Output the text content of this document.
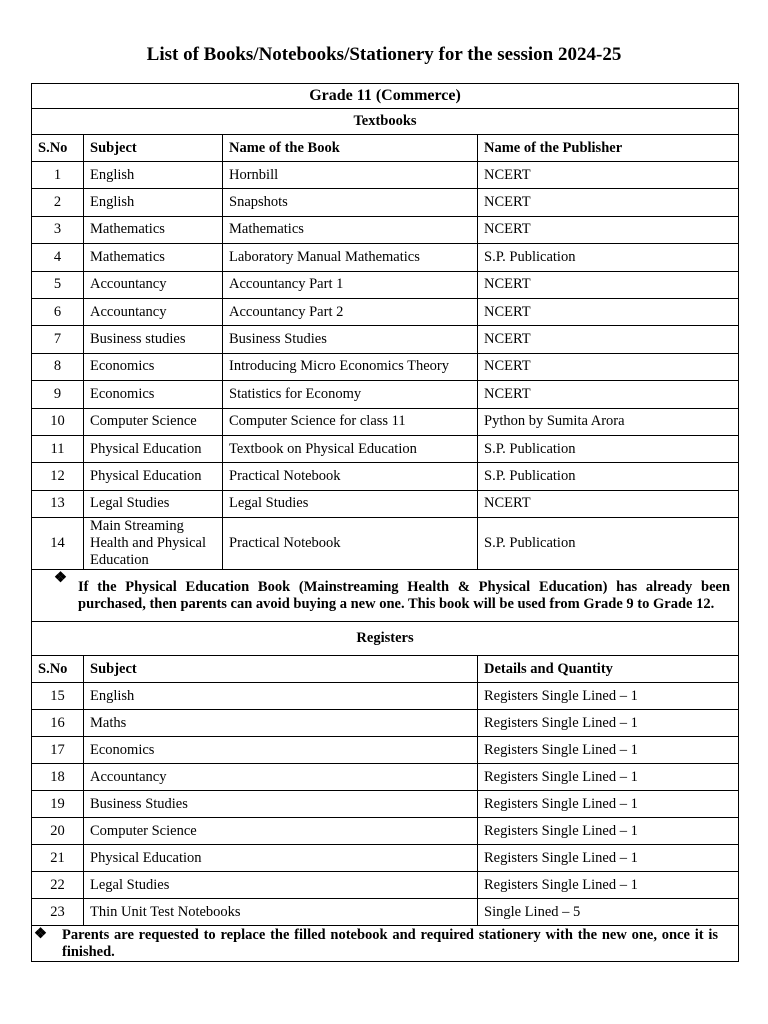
List of Books/Notebooks/Stationery for the session 2024-25
Grade 11 (Commerce)			
Textbooks			
S.No	Subject	Name of the Book	Name of the Publisher
1	English	Hornbill	NCERT
2	English	Snapshots	NCERT
3	Mathematics	Mathematics	NCERT
4	Mathematics	Laboratory Manual Mathematics	S.P. Publication
5	Accountancy	Accountancy Part 1	NCERT
6	Accountancy	Accountancy Part 2	NCERT
7	Business studies	Business Studies	NCERT
8	Economics	Introducing Micro Economics Theory	NCERT
9	Economics	Statistics for Economy	NCERT
10	Computer Science	Computer Science for class 11	Python by Sumita Arora
11	Physical Education	Textbook on Physical Education	S.P. Publication
12	Physical Education	Practical Notebook	S.P. Publication
13	Legal Studies	Legal Studies	NCERT
14	Main Streaming Health and Physical Education	Practical Notebook	S.P. Publication

❖
If the Physical Education Book (Mainstreaming Health & Physical Education) has already been purchased, then parents can avoid buying a new one. This book will be used from Grade 9 to Grade 12.			
Registers			
S.No	Subject		Details and Quantity
15	English		Registers Single Lined – 1
16	Maths		Registers Single Lined – 1
17	Economics		Registers Single Lined – 1
18	Accountancy		Registers Single Lined – 1
19	Business Studies		Registers Single Lined – 1
20	Computer Science		Registers Single Lined – 1
21	Physical Education		Registers Single Lined – 1
22	Legal Studies		Registers Single Lined – 1
23	Thin Unit Test Notebooks		Single Lined – 5

❖ Parents are requested to replace the filled notebook and required stationery with the new one, once it is finished.			
